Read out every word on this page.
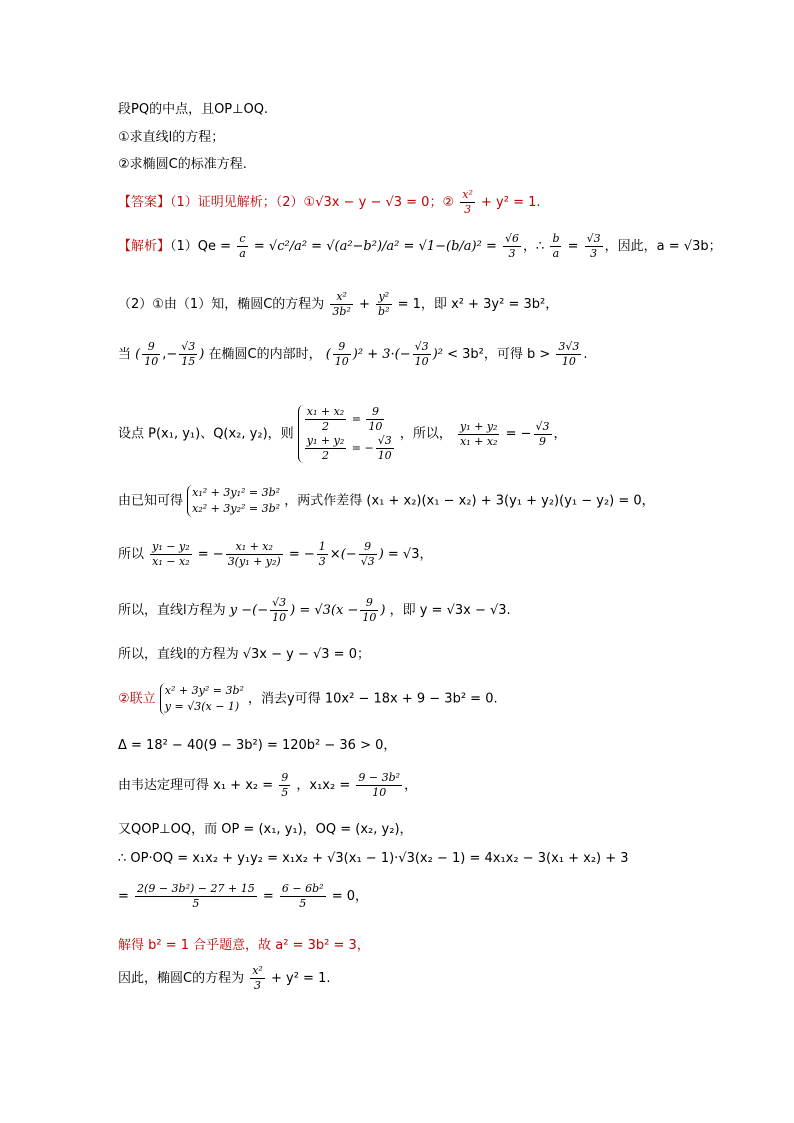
段PQ的中点，且OP⊥OQ.
①求直线l的方程；
②求椭圆C的标准方程.
【答案】（1）证明见解析；（2）①√3x − y − √3 = 0；② $\frac{\text{x²}}{3} + y^2 = 1$.
【解析】$(1)Qe = \frac{c}{a} = √c^2/a^2 = √(a^2-b^2)/a^2 = √1-(b/a)^2 = \frac{√6}{3}$ ，∴ $\frac{b}{a} = \frac{√3}{3}$ ，因此，a = √3b；
（2）①由（1）知，椭圆C的方程为 $\frac{\text{x²}}{\text{3b²}} + \frac{\text{y²}}{\text{b²}} = 1$，即 x² + 3y² = 3b²，
当 ( $\frac{9}{10}$ ,− $\frac{√3}{15}$ ) 在椭圆C的内部时， ( $\frac{9}{10} )^2 + 3\cdot(- \frac{√3}{10} )^2 < 3b^2$，可得 $b > \frac{3√3}{10}$ .
设点 P(x₁, y₁)、Q(x₂, y₂)，则 $\frac{\text{x₁ + x₂}}{2} = \frac{9}{10}$

$\frac{\text{y₁ + y₂}}{2}$ = − $\frac{√3}{10}$ ，所以， $\frac{\text{y₁ + y₂}}{\text{x₁ + x₂}}$ = − $\frac{√3}{9}$ ，
由已知可得 x₁² + 3y₁² = 3b²
x₂² + 3y₂² = 3b² ，两式作差得 (x₁ + x₂)(x₁ − x₂) + 3(y₁ + y₂)(y₁ − y₂) = 0，
所以 $\frac{\text{y₁ − y₂}}{\text{x₁ − x₂}}$ = − $\frac{\text{x₁ + x₂}}{\text{3(y₁ + y₂)}}$ = − $\frac{1}{3}$ ×(− $\frac{9}{√3}$ ) = √3，
所以，直线l方程为 y −(− $\frac{√3}{10}$ ) = $√3(x - \frac{9}{10}$ ) ，即 y = √3x − √3.
所以，直线l的方程为 √3x − y − √3 = 0；
②联立 x² + 3y² = 3b²
y = √3(x − 1) ，消去y可得 10x² − 18x + 9 − 3b² = 0.
Δ = 18² − 40(9 − 3b²) = 120b² − 36 > 0，
由韦达定理可得 $x_1 + x_2 = \frac{9}{5}$ ，$x_1x_2 = \frac{\text{9 − 3b²}}{10}$ ，
又QOP⊥OQ，而 OP = (x₁, y₁)，OQ = (x₂, y₂)，
∴ OP·OQ = x₁x₂ + y₁y₂ = x₁x₂ + √3(x₁ − 1)·√3(x₂ − 1) = 4x₁x₂ − 3(x₁ + x₂) + 3
= $\frac{\text{2(9 − 3b²) − 27 + 15}}{5} = \frac{\text{6 − 6b²}}{5} = 0$，
解得 b² = 1 合乎题意，故 a² = 3b² = 3，
因此，椭圆C的方程为 $\frac{\text{x²}}{3} + y^2 = 1$.
